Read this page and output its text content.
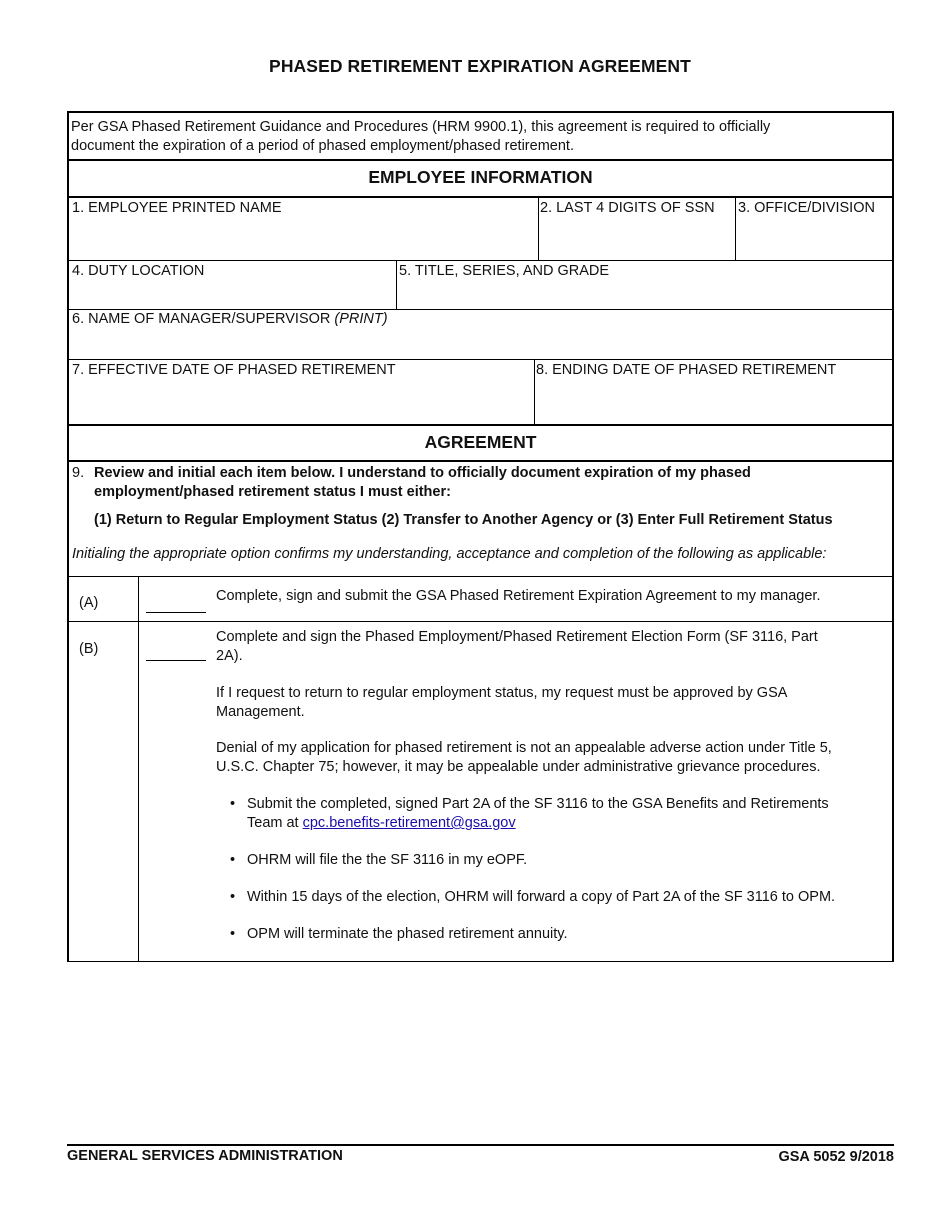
PHASED RETIREMENT EXPIRATION AGREEMENT
Per GSA Phased Retirement Guidance and Procedures (HRM 9900.1), this agreement is required to officially
document the expiration of a period of phased employment/phased retirement.
EMPLOYEE INFORMATION
1. EMPLOYEE PRINTED NAME	2. LAST 4 DIGITS OF SSN 3. OFFICE/DIVISION
4. DUTY LOCATION	5. TITLE, SERIES, AND GRADE
6. NAME OF MANAGER/SUPERVISOR (PRINT)
7. EFFECTIVE DATE OF PHASED RETIREMENT	8. ENDING DATE OF PHASED RETIREMENT
AGREEMENT
9. Review and initial each item below. I understand to officially document expiration of my phased
employment/phased retirement status I must either:
(1) Return to Regular Employment Status (2) Transfer to Another Agency or (3) Enter Full Retirement Status
Initialing the appropriate option confirms my understanding, acceptance and completion of the following as applicable:
(A)	Complete, sign and submit the GSA Phased Retirement Expiration Agreement to my manager.
(B)
Complete and sign the Phased Employment/Phased Retirement Election Form (SF 3116, Part
2A).
If I request to return to regular employment status, my request must be approved by GSA
Management.
Denial of my application for phased retirement is not an appealable adverse action under Title 5,
U.S.C. Chapter 75; however, it may be appealable under administrative grievance procedures.
• Submit the completed, signed Part 2A of the SF 3116 to the GSA Benefits and Retirements
Team at cpc.benefits-retirement@gsa.gov
• OHRM will file the the SF 3116 in my eOPF.
• Within 15 days of the election, OHRM will forward a copy of Part 2A of the SF 3116 to OPM.
• OPM will terminate the phased retirement annuity.
GENERAL SERVICES ADMINISTRATION	GSA 5052 9/2018
